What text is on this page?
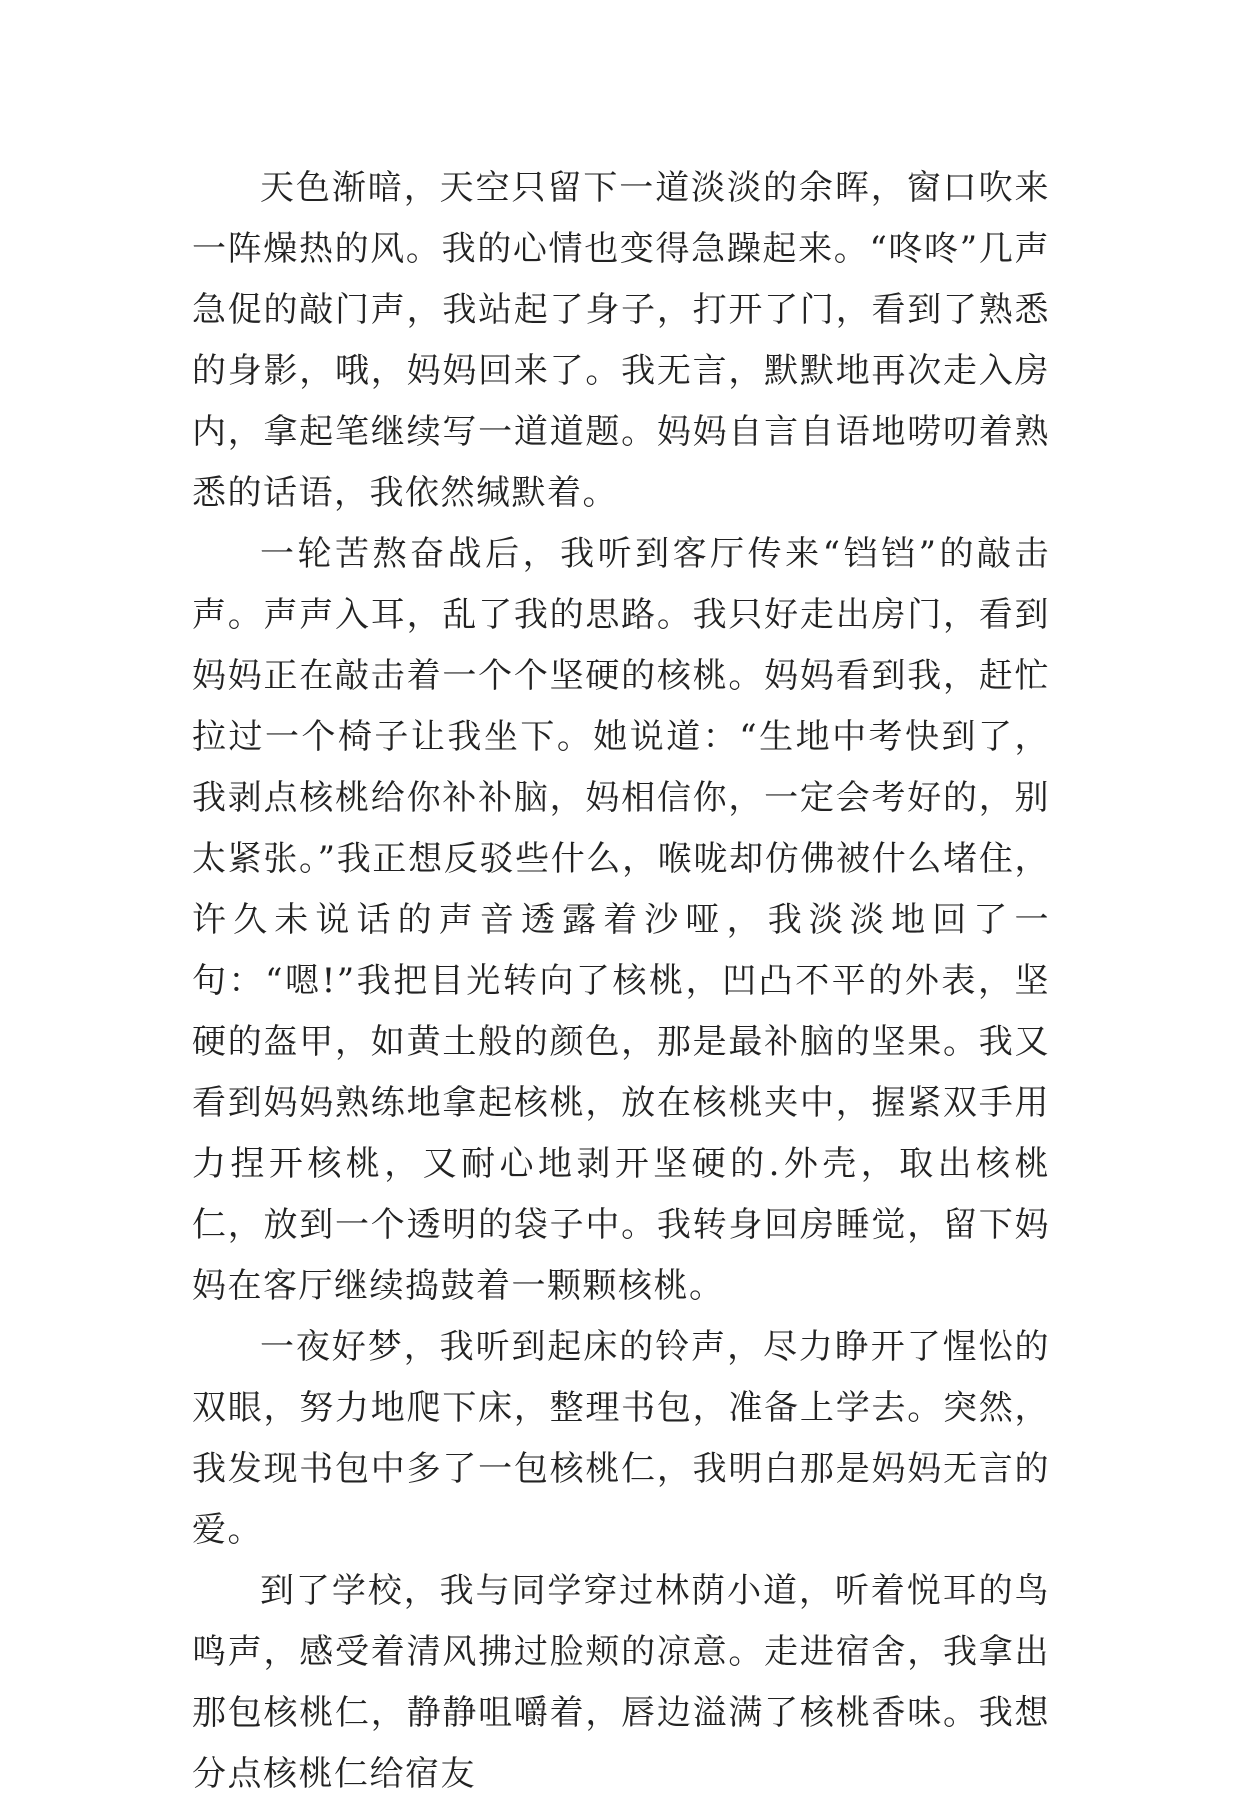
天色渐暗，天空只留下一道淡淡的余晖，窗口吹来一阵燥热的风。我的心情也变得急躁起来。“咚咚”几声急促的敲门声，我站起了身子，打开了门，看到了熟悉的身影，哦，妈妈回来了。我无言，默默地再次走入房内，拿起笔继续写一道道题。妈妈自言自语地唠叨着熟悉的话语，我依然缄默着。

一轮苦熬奋战后，我听到客厅传来“铛铛”的敲击声。声声入耳，乱了我的思路。我只好走出房门，看到妈妈正在敲击着一个个坚硬的核桃。妈妈看到我，赶忙拉过一个椅子让我坐下。她说道：“生地中考快到了，我剥点核桃给你补补脑，妈相信你，一定会考好的，别太紧张。”我正想反驳些什么，喉咙却仿佛被什么堵住，许久未说话的声音透露着沙哑，我淡淡地回了一句：“嗯!”我把目光转向了核桃，凹凸不平的外表，坚硬的盔甲，如黄土般的颜色，那是最补脑的坚果。我又看到妈妈熟练地拿起核桃，放在核桃夹中，握紧双手用力捏开核桃，又耐心地剥开坚硬的.外壳，取出核桃仁，放到一个透明的袋子中。我转身回房睡觉，留下妈妈在客厅继续捣鼓着一颗颗核桃。

一夜好梦，我听到起床的铃声，尽力睁开了惺忪的双眼，努力地爬下床，整理书包，准备上学去。突然，我发现书包中多了一包核桃仁，我明白那是妈妈无言的爱。

到了学校，我与同学穿过林荫小道，听着悦耳的鸟鸣声，感受着清风拂过脸颊的凉意。走进宿舍，我拿出那包核桃仁，静静咀嚼着，唇边溢满了核桃香味。我想分点核桃仁给宿友
